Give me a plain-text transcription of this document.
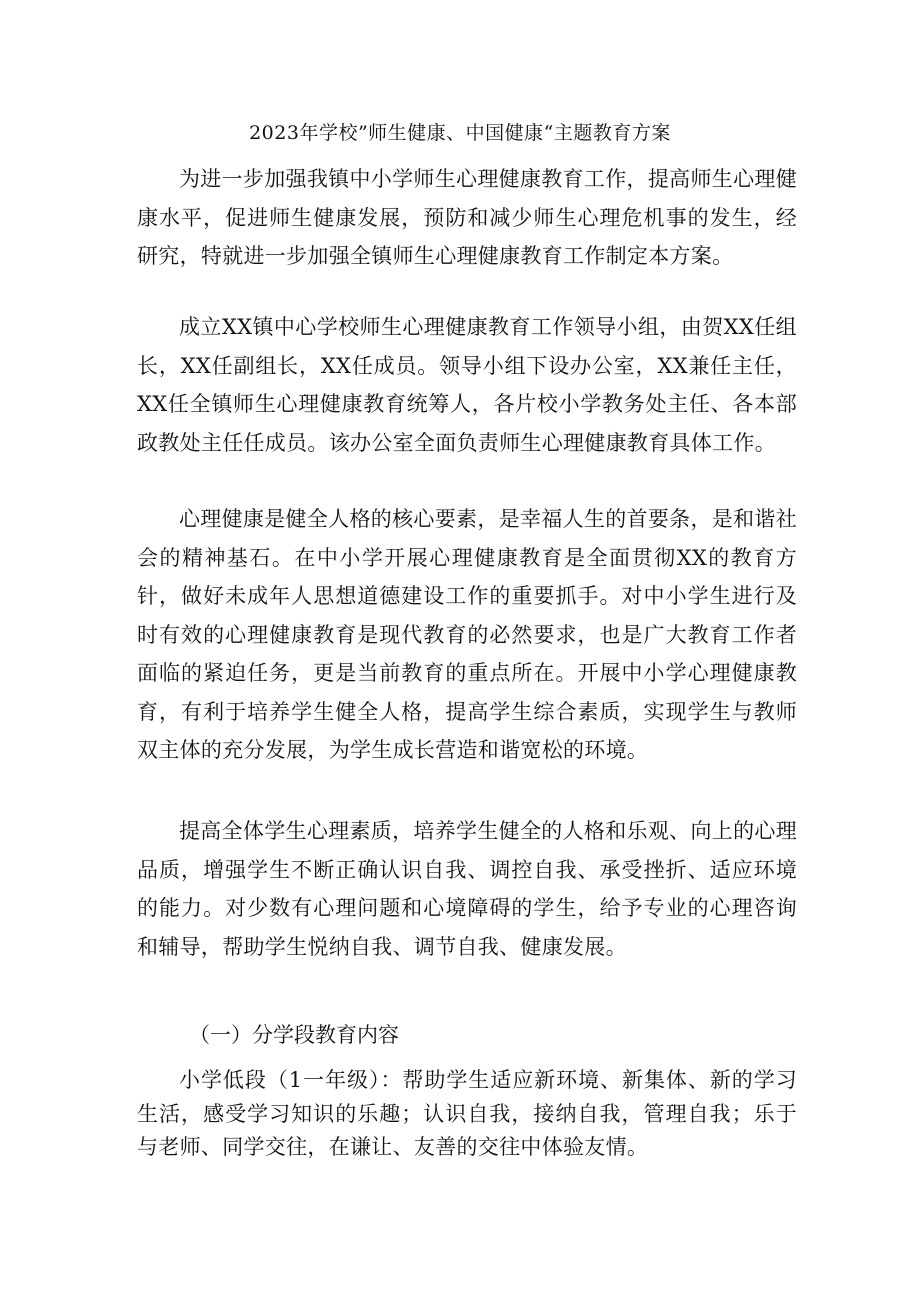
2023年学校”师生健康、中国健康“主题教育方案

为进一步加强我镇中小学师生心理健康教育工作，提高师生心理健康水平，促进师生健康发展，预防和减少师生心理危机事的发生，经研究，特就进一步加强全镇师生心理健康教育工作制定本方案。

成立XX镇中心学校师生心理健康教育工作领导小组，由贺XX任组长，XX任副组长，XX任成员。领导小组下设办公室，XX兼任主任，XX任全镇师生心理健康教育统筹人，各片校小学教务处主任、各本部政教处主任任成员。该办公室全面负责师生心理健康教育具体工作。

心理健康是健全人格的核心要素，是幸福人生的首要条，是和谐社会的精神基石。在中小学开展心理健康教育是全面贯彻XX的教育方针，做好未成年人思想道德建设工作的重要抓手。对中小学生进行及时有效的心理健康教育是现代教育的必然要求，也是广大教育工作者面临的紧迫任务，更是当前教育的重点所在。开展中小学心理健康教育，有利于培养学生健全人格，提高学生综合素质，实现学生与教师双主体的充分发展，为学生成长营造和谐宽松的环境。

提高全体学生心理素质，培养学生健全的人格和乐观、向上的心理品质，增强学生不断正确认识自我、调控自我、承受挫折、适应环境的能力。对少数有心理问题和心境障碍的学生，给予专业的心理咨询和辅导，帮助学生悦纳自我、调节自我、健康发展。

（一）分学段教育内容

小学低段（1一年级）：帮助学生适应新环境、新集体、新的学习生活，感受学习知识的乐趣；认识自我，接纳自我，管理自我；乐于与老师、同学交往，在谦让、友善的交往中体验友情。
